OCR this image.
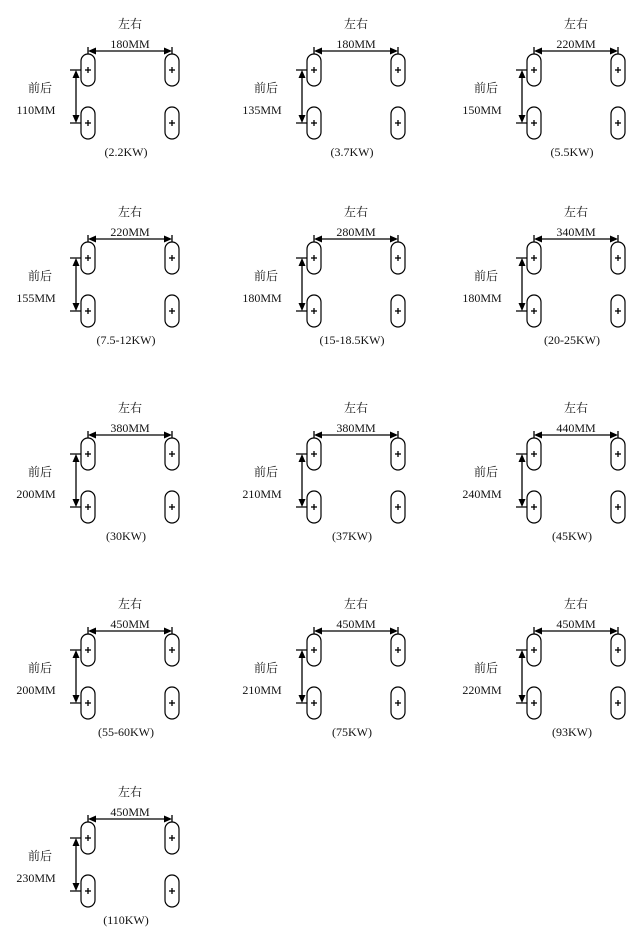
左右
180MM
前后
110MM
(2.2KW)
左右
180MM
前后
135MM
(3.7KW)
左右
220MM
前后
150MM
(5.5KW)
左右
220MM
前后
155MM
(7.5-12KW)
左右
280MM
前后
180MM
(15-18.5KW)
左右
340MM
前后
180MM
(20-25KW)
左右
380MM
前后
200MM
(30KW)
左右
380MM
前后
210MM
(37KW)
左右
440MM
前后
240MM
(45KW)
左右
450MM
前后
200MM
(55-60KW)
左右
450MM
前后
210MM
(75KW)
左右
450MM
前后
220MM
(93KW)
左右
450MM
前后
230MM
(110KW)
